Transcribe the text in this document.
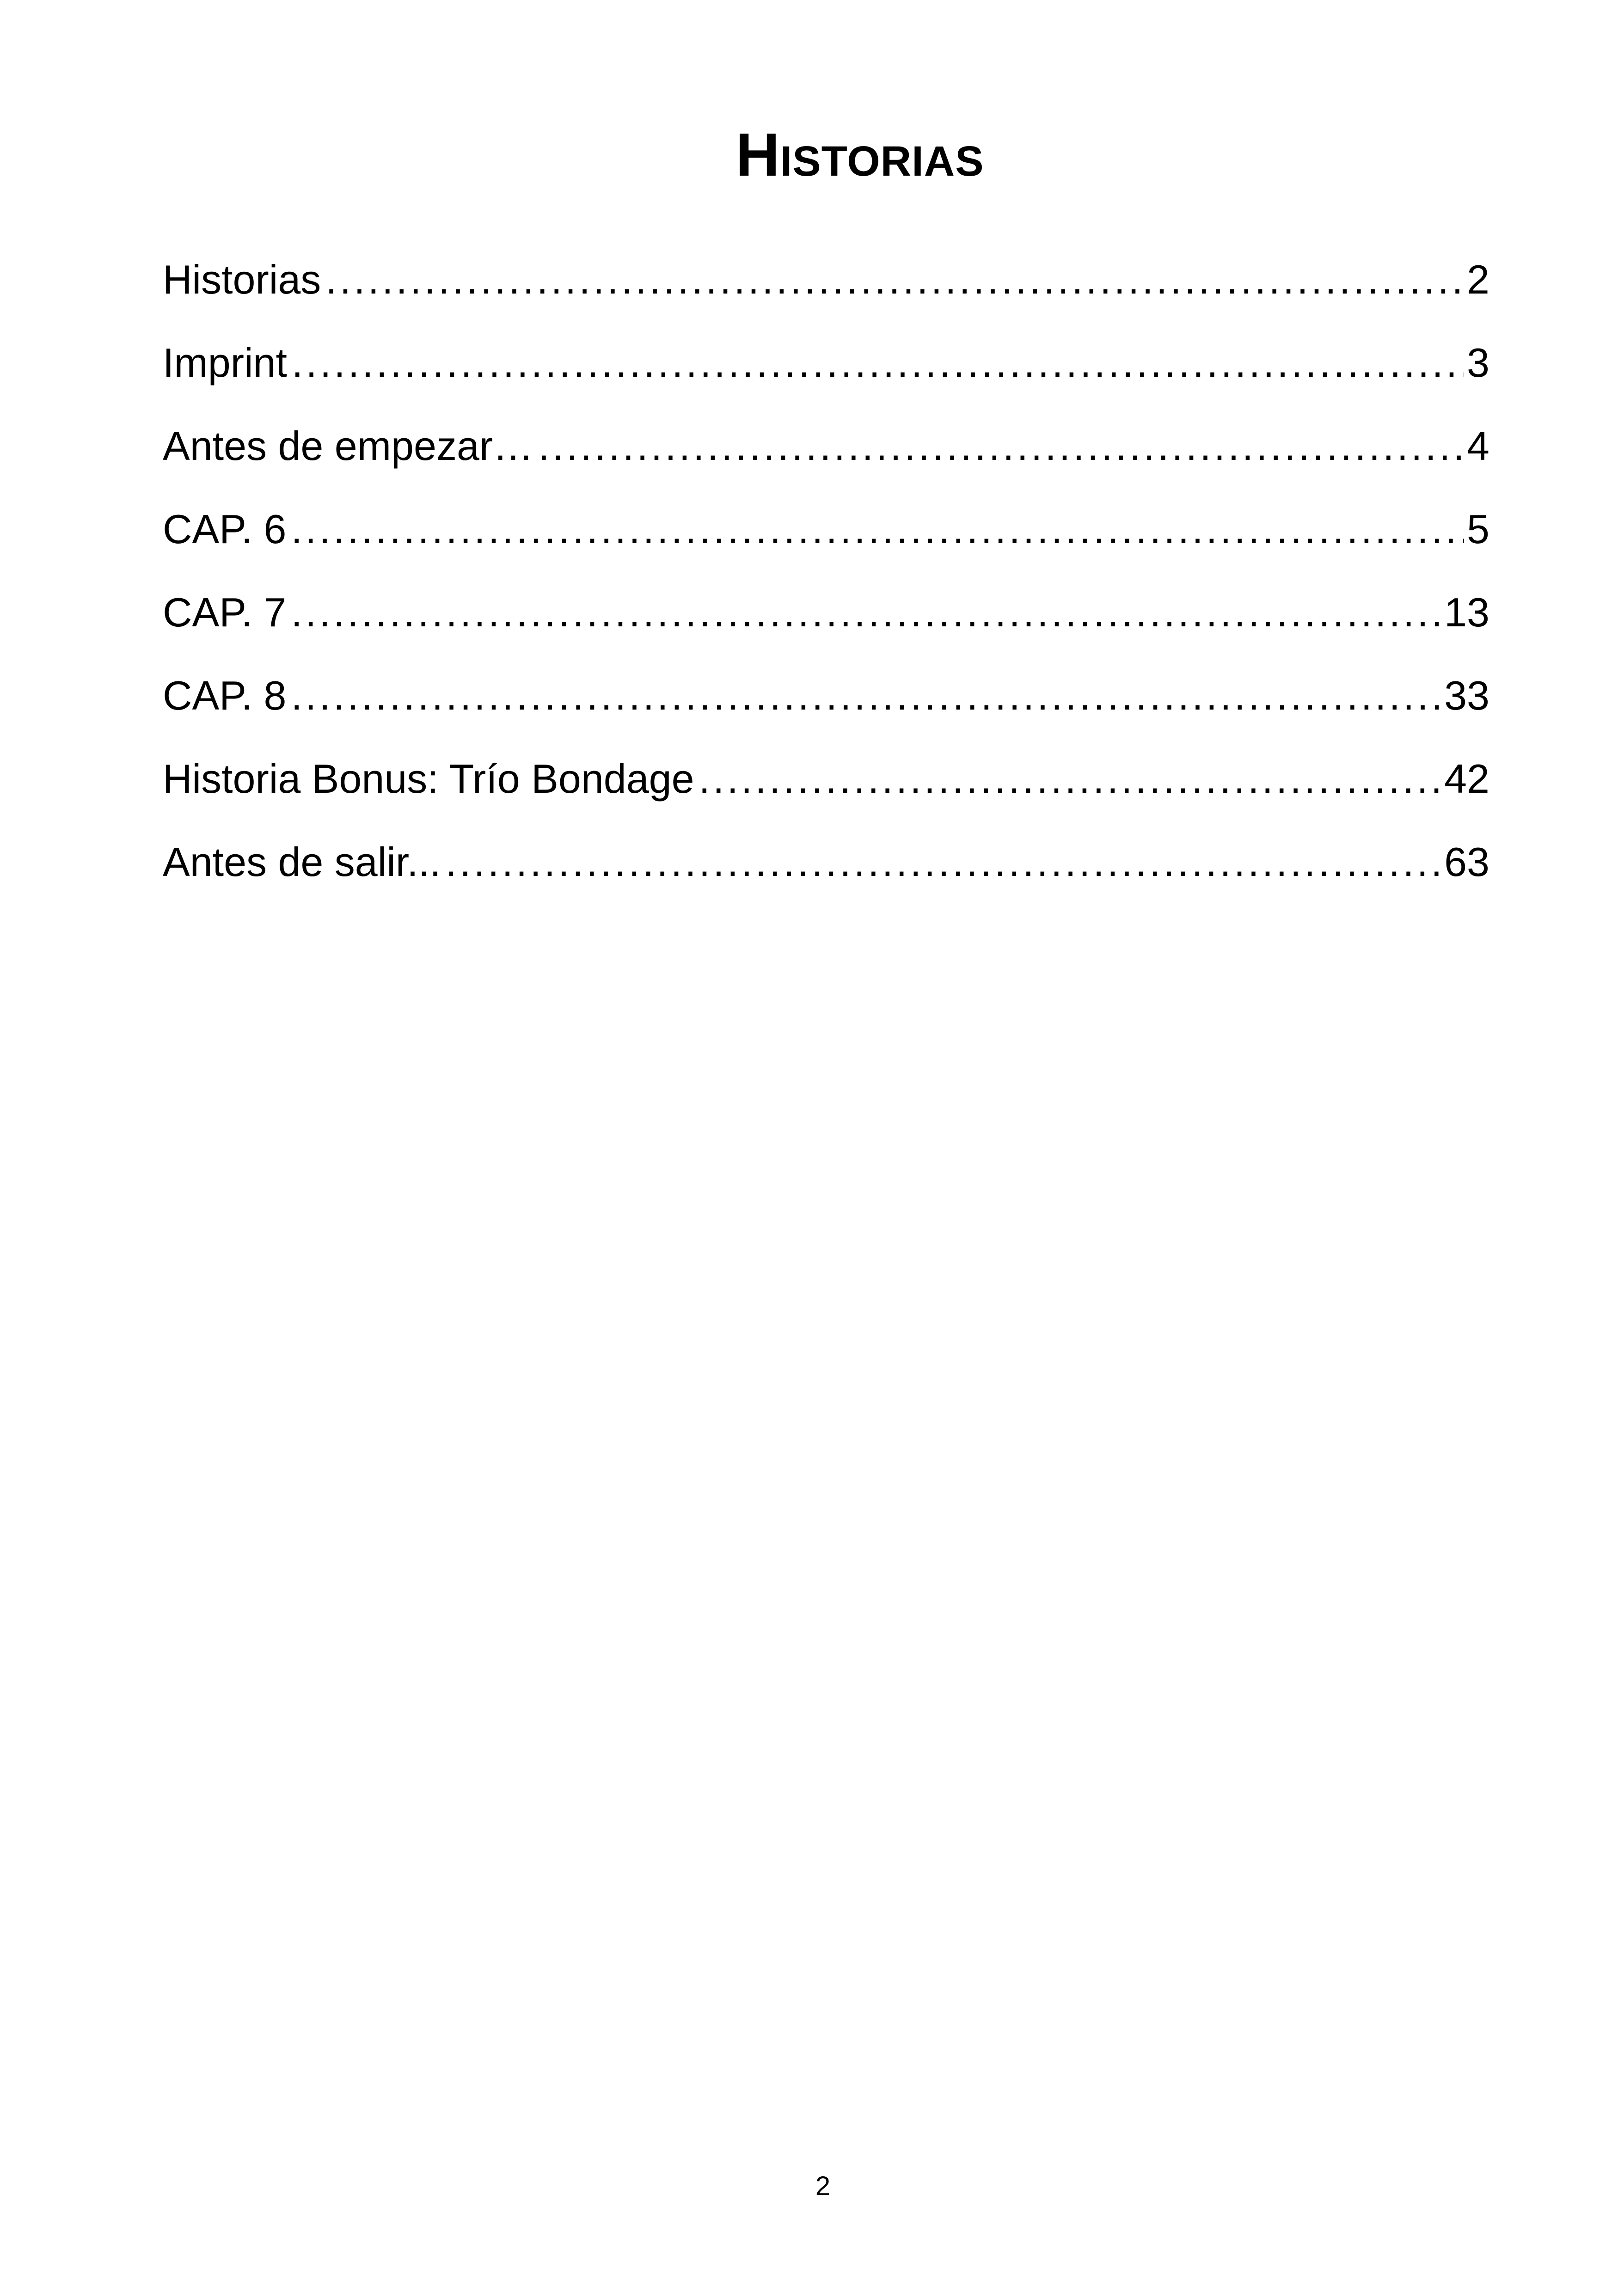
Historias
Historias .....	2
Imprint .....	3
Antes de empezar… .....	4
CAP. 6 .....	5
CAP. 7 .....	13
CAP. 8 .....	33
Historia Bonus: Trío Bondage .....	42
Antes de salir... .....	63
2
